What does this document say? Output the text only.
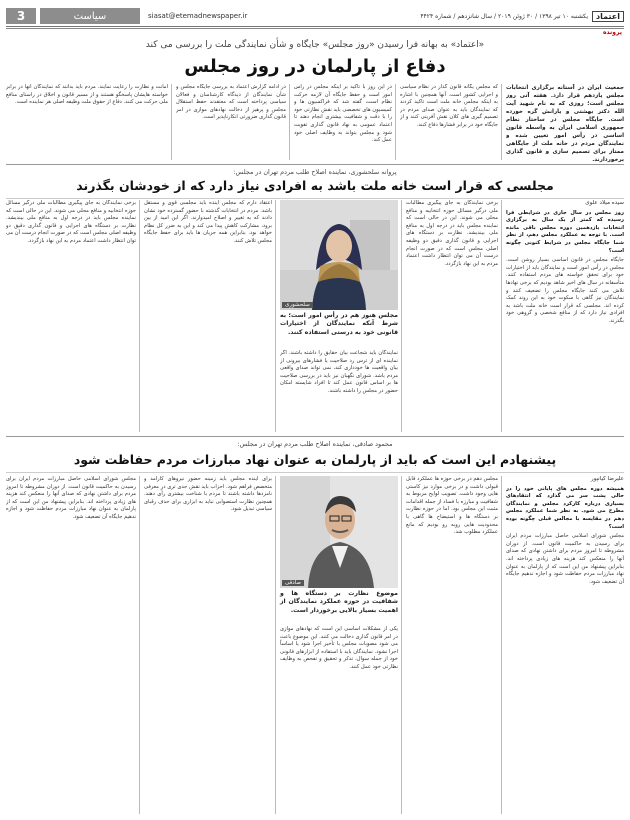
3	سیاست	siasat@etemadnewspaper.ir	یکشنبه ۱۰ تیر ۱۳۹۸ / ۳۰ ژوئن ۲۰۱۹ / سال شانزدهم / شماره ۴۴۲۴	اعتماد
پرونده
«اعتماد» به بهانه فرا رسیدن «روز مجلس» جایگاه و شأن نمایندگی ملت را بررسی می کند
دفاع از پارلمان در روز مجلس
جمعیت ایران در آستانه برگزاری انتخابات مجلس یازدهم قرار دارد. هفته آتی روز مجلس است؛ روزی که به نام شهید آیت الله دکتر بهشتی و یارانش گره خورده است. جایگاه مجلس در ساختار نظام جمهوری اسلامی ایران به واسطه قانون اساسی در رأس امور تعیین شده و نمایندگان مردم در خانه ملت از جایگاهی ممتاز برای تصمیم سازی و قانون گذاری برخوردارند.
که مجلس یگانه قانون گذار در نظام سیاسی و اجرایی کشور است. آنها همچنین با اشاره به اینکه مجلس خانه ملت است تاکید کردند که نمایندگان باید به عنوان صدای مردم در تصمیم گیری های کلان نقش آفرینی کنند و از جایگاه خود در برابر فشارها دفاع کنند.
در این روز با تأکید بر اینکه مجلس در رأس امور است و حفظ جایگاه آن لازمه حرکت نظام است، گفته شد که فراکسیون ها و کمیسیون های تخصصی باید نقش نظارتی خود را با دقت و شفافیت بیشتری انجام دهند تا اعتماد عمومی به نهاد قانون گذاری تقویت شود و مجلس بتواند به وظایف اصلی خود عمل کند.
در ادامه گزارش اعتماد به بررسی جایگاه مجلس و شأن نمایندگان از دیدگاه کارشناسان و فعالان سیاسی پرداخته است که معتقدند حفظ استقلال مجلس و پرهیز از دخالت نهادهای موازی در امر قانون گذاری ضرورتی انکارناپذیر است.
امانت و نظارت را رعایت نمایند. مردم باید بدانند که نمایندگان آنها در برابر خواسته هایشان پاسخگو هستند و از مسیر قانون و اخلاق در راستای منافع ملی حرکت می کنند. دفاع از حقوق ملت وظیفه اصلی هر نماینده است.
پروانه سلحشوری، نماینده اصلاح طلب مردم تهران در مجلس:
مجلسی که قرار است خانه ملت باشد به افرادی نیاز دارد که از خودشان بگذرند
سیده میلاد علوی
روز مجلس در سال جاری در شرایطی فرا رسیده که کمتر از یک سال به برگزاری انتخابات یازدهمین دوره مجلس باقی مانده است. با توجه به عملکرد مجلس دهم، از نظر شما جایگاه مجلس در شرایط کنونی چگونه است؟
جایگاه مجلس در قانون اساسی بسیار روشن است. مجلس در رأس امور است و نمایندگان باید از اختیارات خود برای تحقق خواسته های مردم استفاده کنند. متأسفانه در سال های اخیر شاهد بودیم که برخی نهادها تلاش می کنند جایگاه مجلس را تضعیف کنند و نمایندگان نیز گاهی با سکوت خود به این روند کمک کرده اند. مجلسی که قرار است خانه ملت باشد به افرادی نیاز دارد که از منافع شخصی و گروهی خود بگذرند.
برخی نمایندگان به جای پیگیری مطالبات ملی درگیر مسائل حوزه انتخابیه و منافع محلی می شوند. این در حالی است که نماینده مجلس باید در درجه اول به منافع ملی بیندیشد. نظارت بر دستگاه های اجرایی و قانون گذاری دقیق دو وظیفه اصلی مجلس است که در صورت انجام درست آن می توان انتظار داشت اعتماد مردم به این نهاد بازگردد.
سلحشوری
مجلس هنوز هم در رأس امور است؛ به شرط آنکه نمایندگان از اختیارات قانونی خود به درستی استفاده کنند.
نمایندگان باید شجاعت بیان حقایق را داشته باشند. اگر نماینده ای از ترس رد صلاحیت یا فشارهای بیرونی از بیان واقعیت ها خودداری کند، نمی تواند صدای واقعی مردم باشد. شورای نگهبان نیز باید در بررسی صلاحیت ها بر اساس قانون عمل کند تا افراد شایسته امکان حضور در مجلس را داشته باشند.
اعتقاد دارم که مجلس آینده باید مجلسی قوی و مستقل باشد. مردم در انتخابات گذشته با حضور گسترده خود نشان دادند که به تغییر و اصلاح امیدوارند. اگر این امید از بین برود، مشارکت کاهش پیدا می کند و این به ضرر کل نظام خواهد بود. بنابراین همه جریان ها باید برای حفظ جایگاه مجلس تلاش کنند.
برخی نمایندگان به جای پیگیری مطالبات ملی درگیر مسائل حوزه انتخابیه و منافع محلی می شوند. این در حالی است که نماینده مجلس باید در درجه اول به منافع ملی بیندیشد. نظارت بر دستگاه های اجرایی و قانون گذاری دقیق دو وظیفه اصلی مجلس است که در صورت انجام درست آن می توان انتظار داشت اعتماد مردم به این نهاد بازگردد.
محمود صادقی، نماینده اصلاح طلب مردم تهران در مجلس:
پیشنهادم این است که باید از پارلمان به عنوان نهاد مبارزات مردم حفاظت شود
علیرضا کیانپور
همیشه دوره مجلس های پایانی خود را در حالی پشت سر می گذارد که انتقادهای بسیاری درباره کارکرد مجلس و نمایندگان مطرح می شود. به نظر شما عملکرد مجلس دهم در مقایسه با مجالس قبلی چگونه بوده است؟
مجلس شورای اسلامی حاصل مبارزات مردم ایران برای رسیدن به حاکمیت قانون است. از دوران مشروطه تا امروز مردم برای داشتن نهادی که صدای آنها را منعکس کند هزینه های زیادی پرداخته اند. بنابراین پیشنهاد من این است که از پارلمان به عنوان نهاد مبارزات مردم حفاظت شود و اجازه ندهیم جایگاه آن تضعیف شود.
مجلس دهم در برخی حوزه ها عملکرد قابل قبولی داشت و در برخی موارد نیز کاستی هایی وجود داشت. تصویب لوایح مربوط به شفافیت و مبارزه با فساد از جمله اقدامات مثبت این مجلس بود. اما در حوزه نظارت بر دستگاه ها و استیضاح ها گاهی با محدودیت هایی روبه رو بودیم که مانع عملکرد مطلوب شد.
صادقی
موضوع نظارت بر دستگاه ها و شفافیت در حوزه عملکرد نمایندگان از اهمیت بسیار بالایی برخوردار است.
یکی از مشکلات اساسی این است که نهادهای موازی در امر قانون گذاری دخالت می کنند. این موضوع باعث می شود مصوبات مجلس با تأخیر اجرا شود یا اساساً اجرا نشود. نمایندگان باید با استفاده از ابزارهای قانونی خود از جمله سوال، تذکر و تحقیق و تفحص به وظایف نظارتی خود عمل کنند.
برای آینده مجلس باید زمینه حضور نیروهای کارآمد و متخصص فراهم شود. احزاب باید نقش جدی تری در معرفی نامزدها داشته باشند تا مردم با شناخت بیشتری رأی دهند. همچنین نظارت استصوابی نباید به ابزاری برای حذف رقبای سیاسی تبدیل شود.
مجلس شورای اسلامی حاصل مبارزات مردم ایران برای رسیدن به حاکمیت قانون است. از دوران مشروطه تا امروز مردم برای داشتن نهادی که صدای آنها را منعکس کند هزینه های زیادی پرداخته اند. بنابراین پیشنهاد من این است که از پارلمان به عنوان نهاد مبارزات مردم حفاظت شود و اجازه ندهیم جایگاه آن تضعیف شود.
